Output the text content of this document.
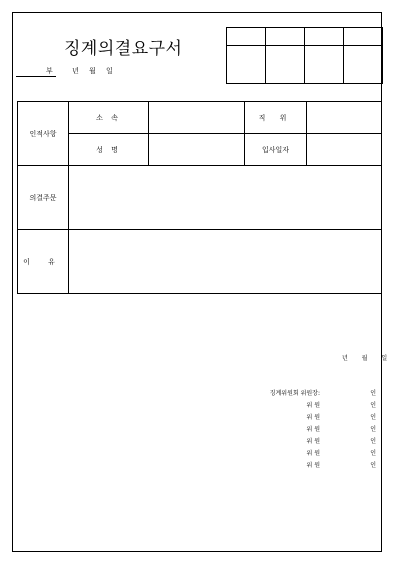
징계의결요구서
부	년 월 일

인적사항	소 속		직 위	
	성 명		입사일자	
의결주문				
이 유				
년 월 일
징계위원회 위원장:	인
위 원	인
위 원	인
위 원	인
위 원	인
위 원	인
위 원	인
